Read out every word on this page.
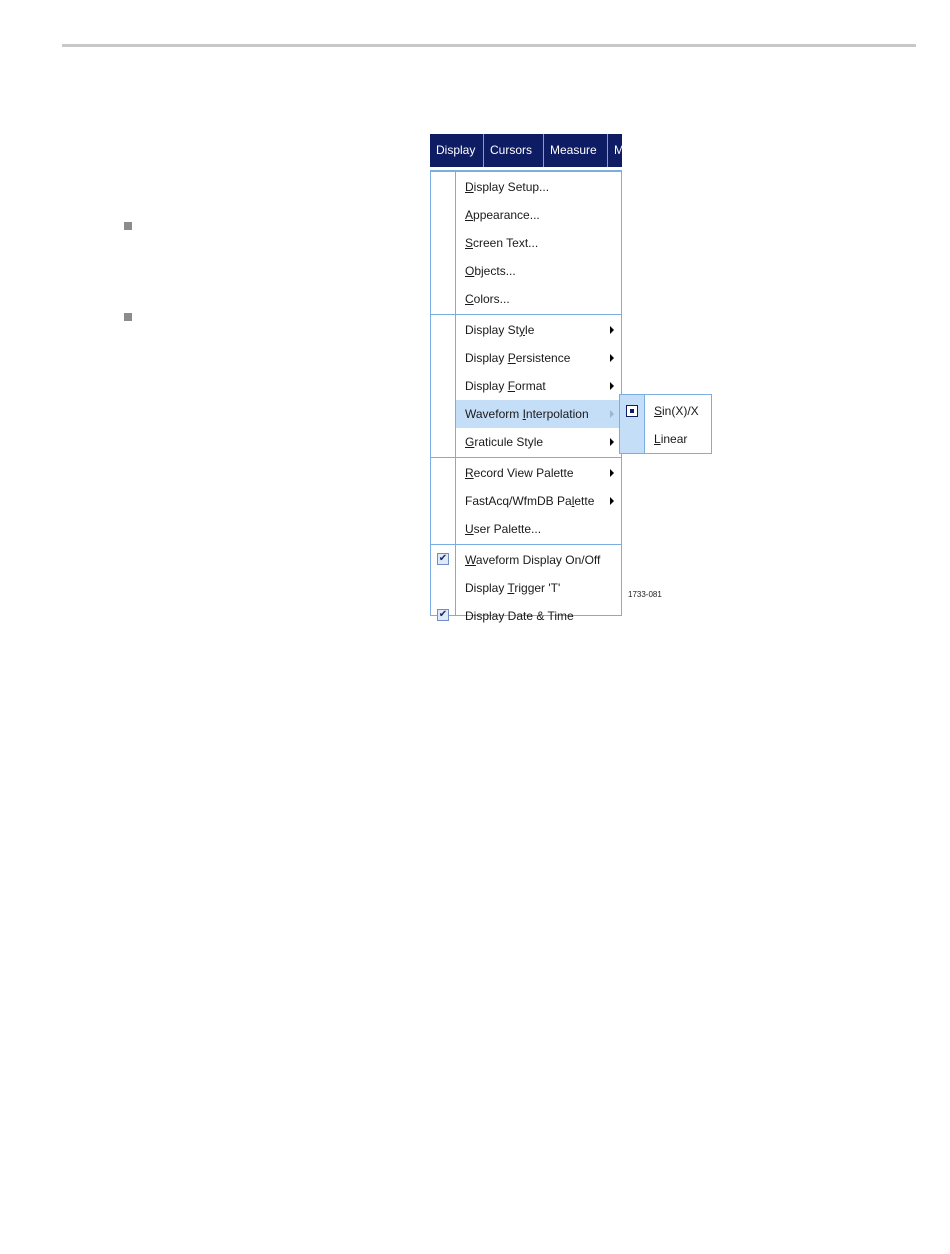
Display Cursors Measure M
Display Setup...
Appearance...
Screen Text...
Objects...
Colors...
Display Style
Display Persistence
Display Format
Waveform Interpolation
Graticule Style
Record View Palette
FastAcq/WfmDB Palette
User Palette...
✔ Waveform Display On/Off
Display Trigger 'T'
✔ Display Date & Time
Sin(X)/X
Linear
1733-081
